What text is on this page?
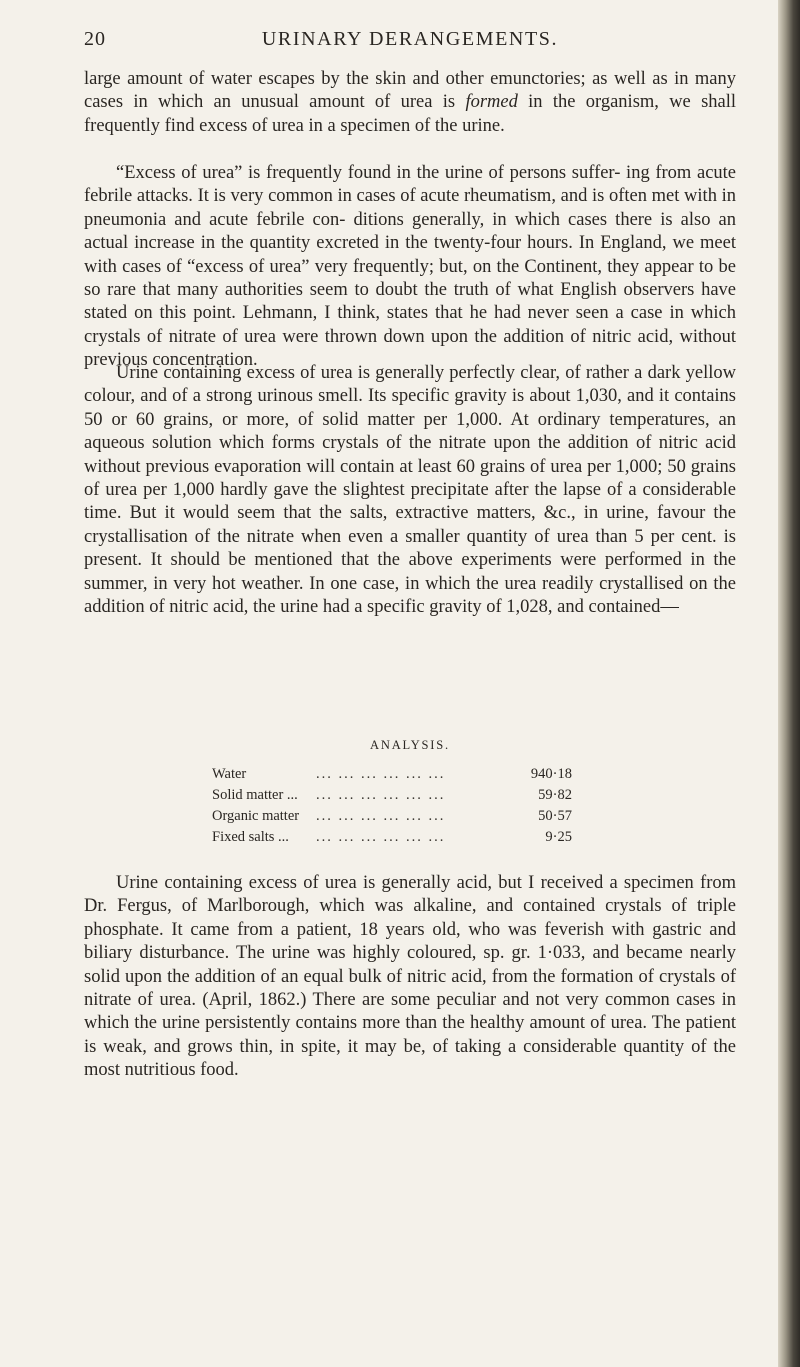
20	URINARY DERANGEMENTS.

large amount of water escapes by the skin and other emunctories; as well as in many cases in which an unusual amount of urea is formed in the organism, we shall frequently find excess of urea in a specimen of the urine.

“Excess of urea” is frequently found in the urine of persons suffer- ing from acute febrile attacks. It is very common in cases of acute rheumatism, and is often met with in pneumonia and acute febrile con- ditions generally, in which cases there is also an actual increase in the quantity excreted in the twenty-four hours. In England, we meet with cases of “excess of urea” very frequently; but, on the Continent, they appear to be so rare that many authorities seem to doubt the truth of what English observers have stated on this point. Lehmann, I think, states that he had never seen a case in which crystals of nitrate of urea were thrown down upon the addition of nitric acid, without previous concentration.

Urine containing excess of urea is generally perfectly clear, of rather a dark yellow colour, and of a strong urinous smell. Its specific gravity is about 1,030, and it contains 50 or 60 grains, or more, of solid matter per 1,000. At ordinary temperatures, an aqueous solution which forms crystals of the nitrate upon the addition of nitric acid without previous evaporation will contain at least 60 grains of urea per 1,000; 50 grains of urea per 1,000 hardly gave the slightest precipitate after the lapse of a considerable time. But it would seem that the salts, extractive matters, &c., in urine, favour the crystallisation of the nitrate when even a smaller quantity of urea than 5 per cent. is present. It should be mentioned that the above experiments were performed in the summer, in very hot weather. In one case, in which the urea readily crystallised on the addition of nitric acid, the urine had a specific gravity of 1,028, and contained—

ANALYSIS.
... ... ... ... ... ...
Water	940·18
... ... ... ... ... ...
Solid matter ...	59·82
... ... ... ... ... ...
Organic matter	50·57
... ... ... ... ... ...
Fixed salts ...	9·25

Urine containing excess of urea is generally acid, but I received a specimen from Dr. Fergus, of Marlborough, which was alkaline, and contained crystals of triple phosphate. It came from a patient, 18 years old, who was feverish with gastric and biliary disturbance. The urine was highly coloured, sp. gr. 1·033, and became nearly solid upon the addition of an equal bulk of nitric acid, from the formation of crystals of nitrate of urea. (April, 1862.) There are some peculiar and not very common cases in which the urine persistently contains more than the healthy amount of urea. The patient is weak, and grows thin, in spite, it may be, of taking a considerable quantity of the most nutritious food.
